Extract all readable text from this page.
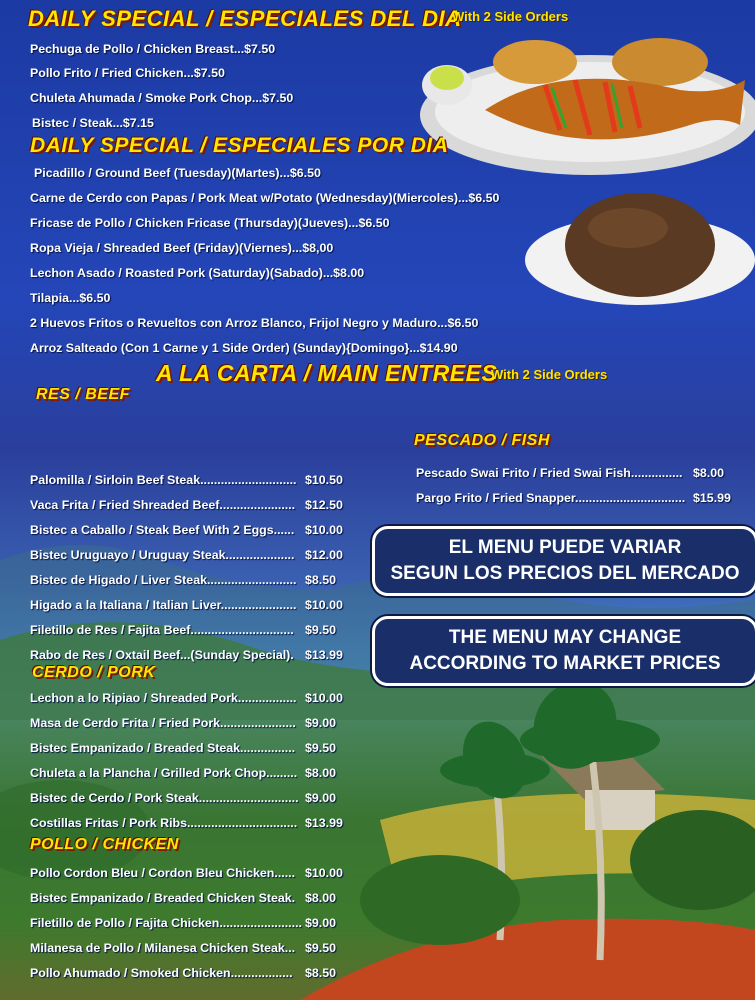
DAILY SPECIAL / ESPECIALES DEL DIA
With 2 Side Orders
Pechuga de Pollo / Chicken Breast...$7.50
Pollo Frito / Fried Chicken...$7.50
Chuleta Ahumada / Smoke Pork Chop...$7.50
Bistec / Steak...$7.15
DAILY SPECIAL / ESPECIALES POR DIA
Picadillo / Ground Beef (Tuesday)(Martes)...$6.50
Carne de Cerdo con Papas / Pork Meat w/Potato (Wednesday)(Miercoles)...$6.50
Fricase de Pollo / Chicken Fricase (Thursday)(Jueves)...$6.50
Ropa Vieja / Shreaded Beef (Friday)(Viernes)...$8,00
Lechon Asado / Roasted Pork (Saturday)(Sabado)...$8.00
Tilapia...$6.50
2 Huevos Fritos o Revueltos con Arroz Blanco, Frijol Negro y Maduro...$6.50
Arroz Salteado (Con 1 Carne y 1 Side Order) (Sunday){Domingo}...$14.90
A LA CARTA / MAIN ENTREES
With 2 Side Orders
RES / BEEF
Palomilla / Sirloin Beef Steak............................ $10.50
Vaca Frita / Fried Shreaded Beef...................... $12.50
Bistec a Caballo / Steak Beef With 2 Eggs...... $10.00
Bistec Uruguayo / Uruguay Steak.................... $12.00
Bistec de Higado / Liver Steak.......................... $8.50
Higado a la Italiana / Italian Liver...................... $10.00
Filetillo de Res / Fajita Beef.............................. $9.50
Rabo de Res / Oxtail Beef...(Sunday Special). $13.99
CERDO / PORK
Lechon a lo Ripiao / Shreaded Pork................. $10.00
Masa de Cerdo Frita / Fried Pork...................... $9.00
Bistec Empanizado / Breaded Steak................ $9.50
Chuleta a la Plancha / Grilled Pork Chop......... $8.00
Bistec de Cerdo / Pork Steak............................. $9.00
Costillas Fritas / Pork Ribs................................ $13.99
POLLO / CHICKEN
Pollo Cordon Bleu / Cordon Bleu Chicken...... $10.00
Bistec Empanizado / Breaded Chicken Steak. $8.00
Filetillo de Pollo / Fajita Chicken........................ $9.00
Milanesa de Pollo / Milanesa Chicken Steak... $9.50
Pollo Ahumado / Smoked Chicken.................. $8.50
PESCADO / FISH
Pescado Swai Frito / Fried Swai Fish............... $8.00
Pargo Frito / Fried Snapper................................ $15.99
EL MENU PUEDE VARIAR
SEGUN LOS PRECIOS DEL MERCADO
THE MENU MAY CHANGE
ACCORDING TO MARKET PRICES
